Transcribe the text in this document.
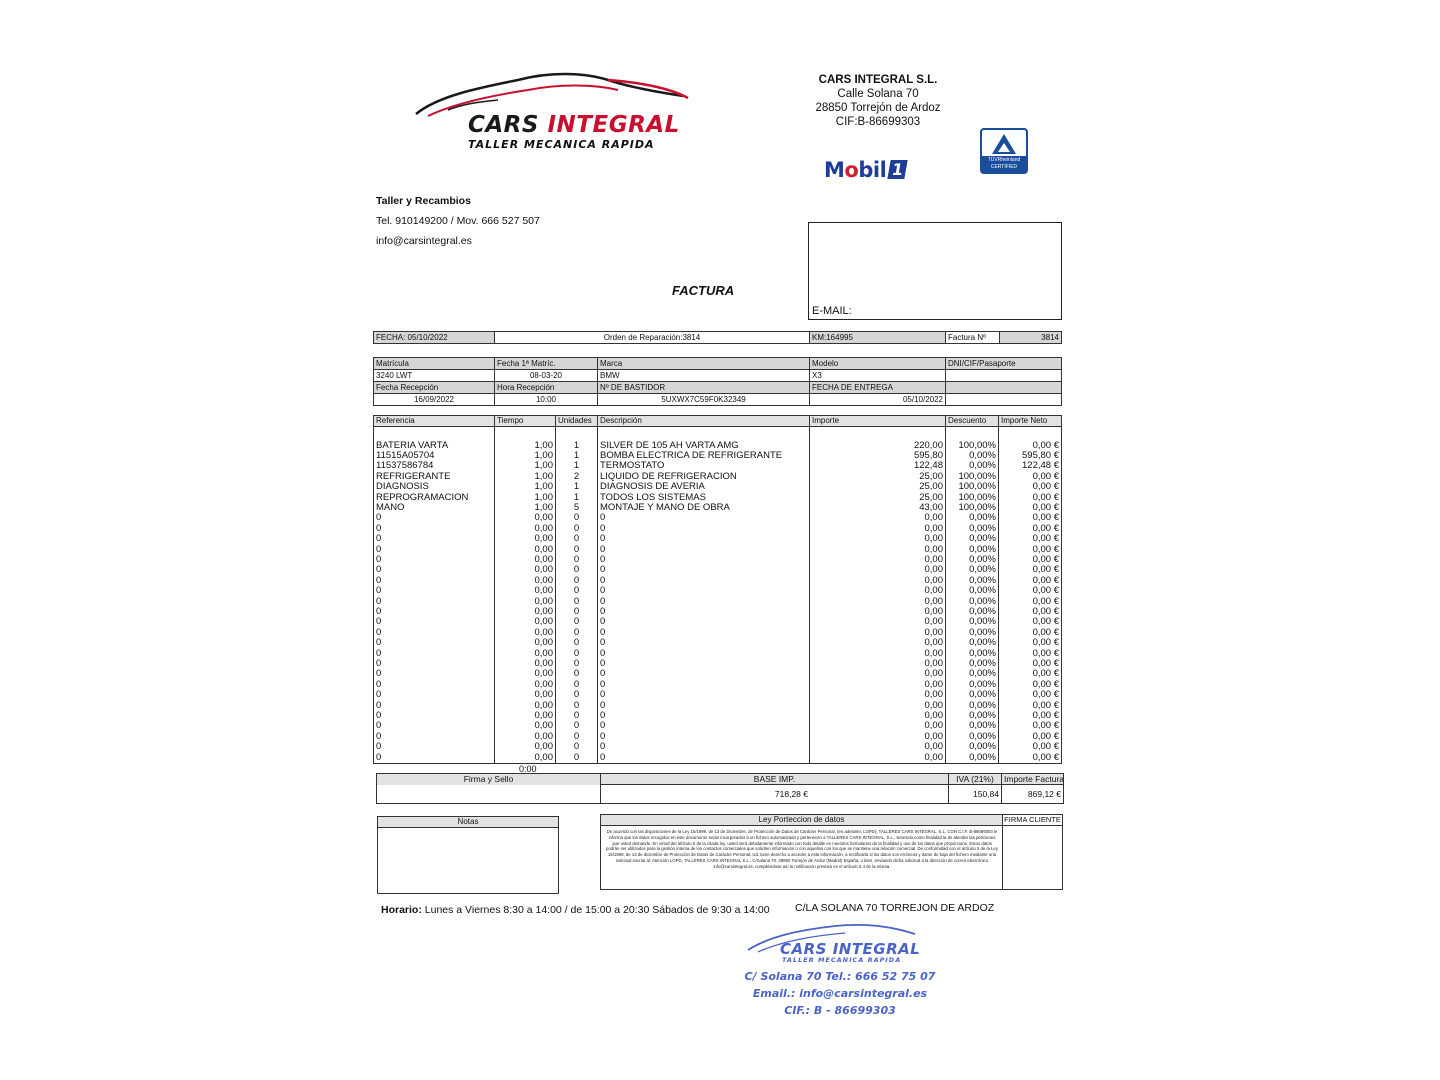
CARS INTEGRAL
TALLER MECANICA RAPIDA
CARS INTEGRAL S.L.
Calle Solana 70
28850 Torrejón de Ardoz
CIF:B-86699303
Mobil 1	TÜVRheinland
CERTIFIED
Taller y Recambios
Tel. 910149200 / Mov. 666 527 507
info@carsintegral.es
E-MAIL:
FACTURA
FECHA: 05/10/2022	Orden de Reparación:3814	KM:164995	Factura Nº	3814
Matrícula	Fecha 1ª Matríc.	Marca	Modelo	DNI/CIF/Pasaporte
3240 LWT	08-03-20	BMW	X3	
Fecha Recepción	Hora Recepción	Nº DE BASTIDOR	FECHA DE ENTREGA	
16/09/2022	10:00	5UXWX7C59F0K32349	05/10/2022	
Referencia	Tiempo	Unidades	Descripción	Importe	Descuento	Importe Neto

BATERIA VARTA	1,00	1	SILVER DE 105 AH VARTA AMG	220,00	100,00%	0,00 €
11515A05704	1,00	1	BOMBA ELECTRICA DE REFRIGERANTE	595,80	0,00%	595,80 €
11537586784	1,00	1	TERMOSTATO	122,48	0,00%	122,48 €
REFRIGERANTE	1,00	2	LIQUIDO DE REFRIGERACION	25,00	100,00%	0,00 €
DIAGNOSIS	1,00	1	DIAGNOSIS DE AVERIA	25,00	100,00%	0,00 €
REPROGRAMACION	1,00	1	TODOS LOS SISTEMAS	25,00	100,00%	0,00 €
MANO	1,00	5	MONTAJE Y MANO DE OBRA	43,00	100,00%	0,00 €
0	0,00	0	0	0,00	0,00%	0,00 €
0	0,00	0	0	0,00	0,00%	0,00 €
0	0,00	0	0	0,00	0,00%	0,00 €
0	0,00	0	0	0,00	0,00%	0,00 €
0	0,00	0	0	0,00	0,00%	0,00 €
0	0,00	0	0	0,00	0,00%	0,00 €
0	0,00	0	0	0,00	0,00%	0,00 €
0	0,00	0	0	0,00	0,00%	0,00 €
0	0,00	0	0	0,00	0,00%	0,00 €
0	0,00	0	0	0,00	0,00%	0,00 €
0	0,00	0	0	0,00	0,00%	0,00 €
0	0,00	0	0	0,00	0,00%	0,00 €
0	0,00	0	0	0,00	0,00%	0,00 €
0	0,00	0	0	0,00	0,00%	0,00 €
0	0,00	0	0	0,00	0,00%	0,00 €
0	0,00	0	0	0,00	0,00%	0,00 €
0	0,00	0	0	0,00	0,00%	0,00 €
0	0,00	0	0	0,00	0,00%	0,00 €
0	0,00	0	0	0,00	0,00%	0,00 €
0	0,00	0	0	0,00	0,00%	0,00 €
0	0,00	0	0	0,00	0,00%	0,00 €
0	0,00	0	0	0,00	0,00%	0,00 €
0	0,00	0	0	0,00	0,00%	0,00 €
0	0,00	0	0	0,00	0,00%	0,00 €
0:00
Firma y Sello	BASE IMP.	IVA (21%)	Importe Factura
	718,28 €	150,84	869,12 €
Notas	Ley Porteccion de datos	FIRMA CLIENTE
De acuerdo con las disposiciones de la Ley 15/1999, de 13 de Diciembre, de Protección de Datos de Carácter Personal, (en adelante, LOPD), TALLERES CARS INTEGRAL, S.L. CON C.I.F. B-86699303 le informa que los datos recogidos en este documento serán incorporados a un fichero automatizado y pertenecen a TALLERES CARS INTEGRAL, S.L., teniendo como finalidad la de atender las peticiones que usted demande. En virtud del artículo 5 de la citada ley, usted será debidamente informado con todo detalle en nuestros formularios de la finalidad y uso de los datos que proporcione. Estos datos podrán ser utilizados para la gestión interna de los contactos comerciales que soliciten información o con aquellos con los que se mantiene una relación comercial. De conformidad con el artículo 5 de la Ley 15/1999, de 13 de diciembre de Protección de Datos de Carácter Personal, Ud. tiene derecho a acceder a esta información, a rectificarla si los datos son erróneos y darse de baja del fichero mediante una solicitud escrita al: Atención LOPD, TALLERES CARS INTEGRAL S.L., C/Solana 70, 28850 Torrejón de Ardoz (Madrid) España, o bien, enviando dicha solicitud a la dirección de correo electrónico info@carsintegral.es, cumpliéndose así la notificación prevista en el artículo 5.4 de la misma.
Horario: Lunes a Viernes 8:30 a 14:00 / de 15:00 a 20:30 Sábados de 9:30 a 14:00 C/LA SOLANA 70 TORREJON DE ARDOZ
CARS INTEGRAL
TALLER MECANICA RAPIDA
C/ Solana 70 Tel.: 666 52 75 07
Email.: info@carsintegral.es
CIF.: B - 86699303
